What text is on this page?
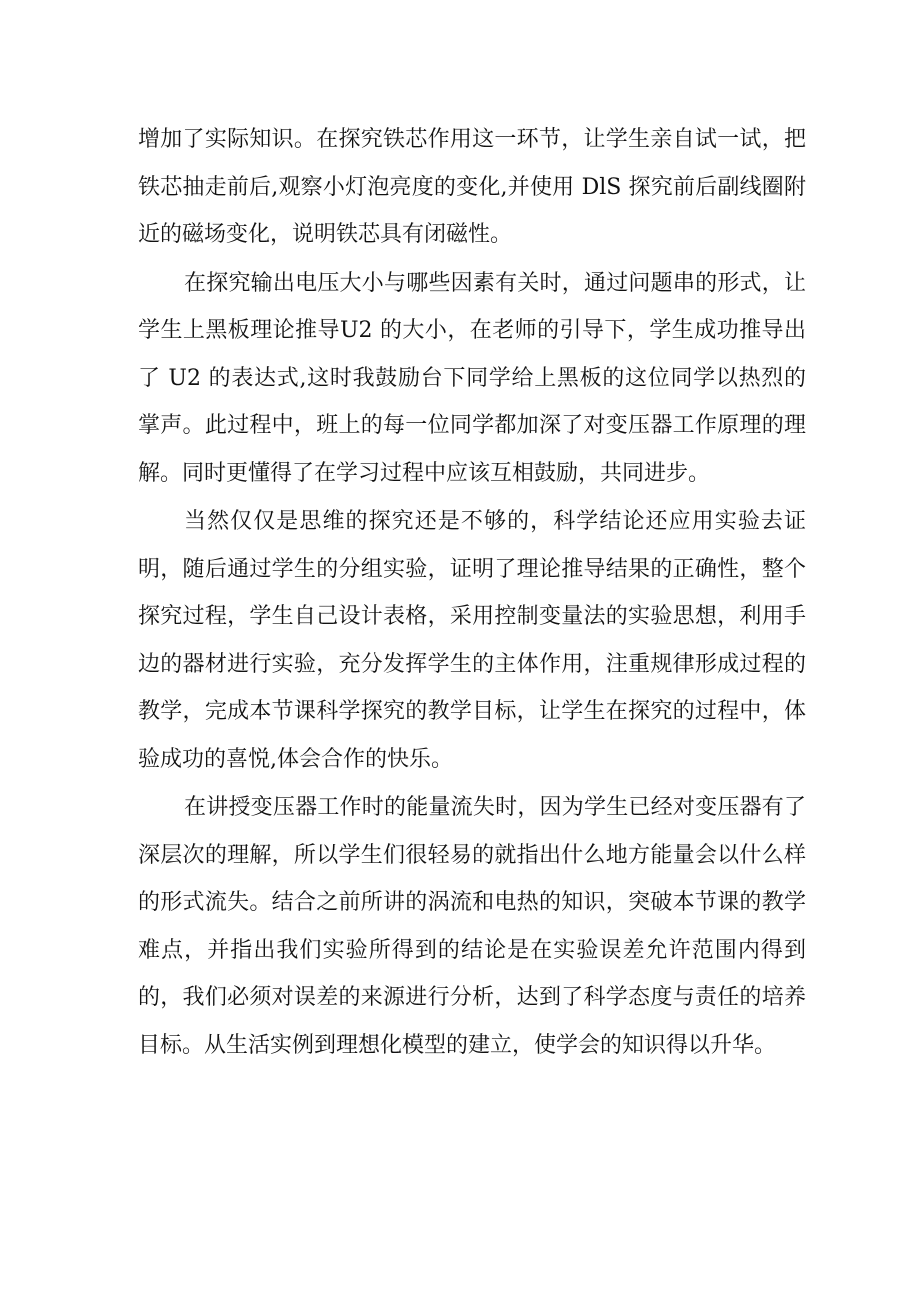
增加了实际知识。在探究铁芯作用这一环节，让学生亲自试一试，把铁芯抽走前后,观察小灯泡亮度的变化,并使用 DlS 探究前后副线圈附近的磁场变化，说明铁芯具有闭磁性。

在探究输出电压大小与哪些因素有关时，通过问题串的形式，让学生上黑板理论推导U2 的大小，在老师的引导下，学生成功推导出了 U2 的表达式,这时我鼓励台下同学给上黑板的这位同学以热烈的掌声。此过程中，班上的每一位同学都加深了对变压器工作原理的理解。同时更懂得了在学习过程中应该互相鼓励，共同进步。

当然仅仅是思维的探究还是不够的，科学结论还应用实验去证明，随后通过学生的分组实验，证明了理论推导结果的正确性，整个探究过程，学生自己设计表格，采用控制变量法的实验思想，利用手边的器材进行实验，充分发挥学生的主体作用，注重规律形成过程的教学，完成本节课科学探究的教学目标，让学生在探究的过程中，体验成功的喜悦,体会合作的快乐。

在讲授变压器工作时的能量流失时，因为学生已经对变压器有了深层次的理解，所以学生们很轻易的就指出什么地方能量会以什么样的形式流失。结合之前所讲的涡流和电热的知识，突破本节课的教学难点，并指出我们实验所得到的结论是在实验误差允许范围内得到的，我们必须对误差的来源进行分析，达到了科学态度与责任的培养目标。从生活实例到理想化模型的建立，使学会的知识得以升华。
